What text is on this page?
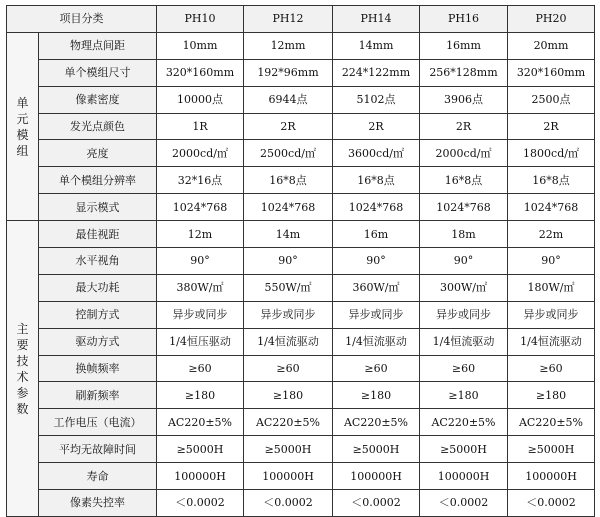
项目分类		PH10	PH12	PH14	PH16	PH20
单元模组	物理点间距	10mm	12mm	14mm	16mm	20mm
	单个模组尺寸	320*160mm	192*96mm	224*122mm	256*128mm	320*160mm
	像素密度	10000点	6944点	5102点	3906点	2500点
	发光点颜色	1R	2R	2R	2R	2R
	亮度	2000cd/㎡	2500cd/㎡	3600cd/㎡	2000cd/㎡	1800cd/㎡
	单个模组分辨率	32*16点	16*8点	16*8点	16*8点	16*8点
	显示模式	1024*768	1024*768	1024*768	1024*768	1024*768
主要技术参数	最佳视距	12m	14m	16m	18m	22m
	水平视角	90°	90°	90°	90°	90°
	最大功耗	380W/㎡	550W/㎡	360W/㎡	300W/㎡	180W/㎡
	控制方式	异步或同步	异步或同步	异步或同步	异步或同步	异步或同步
	驱动方式	1/4恒压驱动	1/4恒流驱动	1/4恒流驱动	1/4恒流驱动	1/4恒流驱动
	换帧频率	≥60	≥60	≥60	≥60	≥60
	刷新频率	≥180	≥180	≥180	≥180	≥180
	工作电压（电流）	AC220±5%	AC220±5%	AC220±5%	AC220±5%	AC220±5%
	平均无故障时间	≥5000H	≥5000H	≥5000H	≥5000H	≥5000H
	寿命	100000H	100000H	100000H	100000H	100000H
	像素失控率	＜0.0002	＜0.0002	＜0.0002	＜0.0002	＜0.0002
